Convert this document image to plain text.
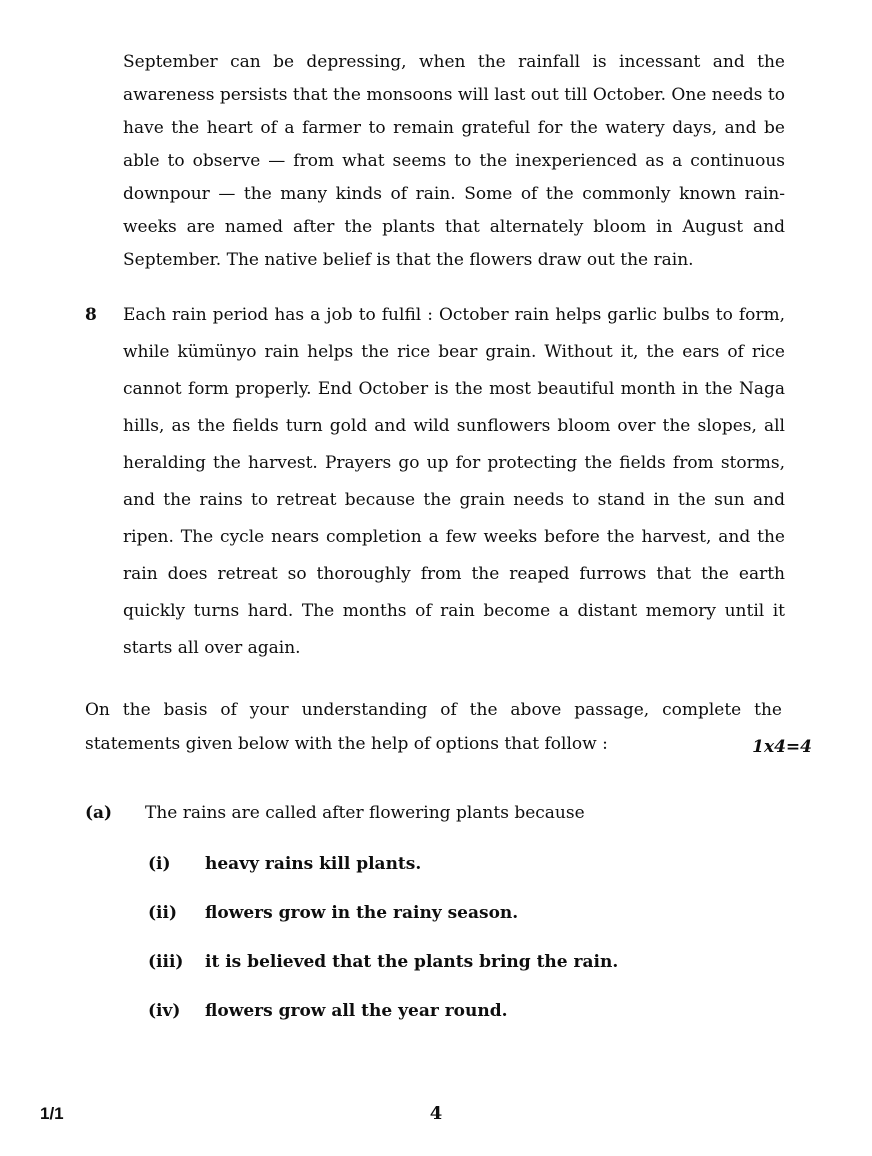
September can be depressing, when the rainfall is incessant and the awareness persists that the monsoons will last out till October. One needs to have the heart of a farmer to remain grateful for the watery days, and be able to observe — from what seems to the inexperienced as a continuous downpour — the many kinds of rain. Some of the commonly known rain-weeks are named after the plants that alternately bloom in August and September. The native belief is that the flowers draw out the rain.

8	Each rain period has a job to fulfil : October rain helps garlic bulbs to form, while kümünyo rain helps the rice bear grain. Without it, the ears of rice cannot form properly. End October is the most beautiful month in the Naga hills, as the fields turn gold and wild sunflowers bloom over the slopes, all heralding the harvest. Prayers go up for protecting the fields from storms, and the rains to retreat because the grain needs to stand in the sun and ripen. The cycle nears completion a few weeks before the harvest, and the rain does retreat so thoroughly from the reaped furrows that the earth quickly turns hard. The months of rain become a distant memory until it starts all over again.

On the basis of your understanding of the above passage, complete the statements given below with the help of options that follow :	1x4=4
(a)	The rains are called after flowering plants because

(i)	heavy rains kill plants.
(ii)	flowers grow in the rainy season.
(iii)	it is believed that the plants bring the rain.
(iv)	flowers grow all the year round.
1/1	4
